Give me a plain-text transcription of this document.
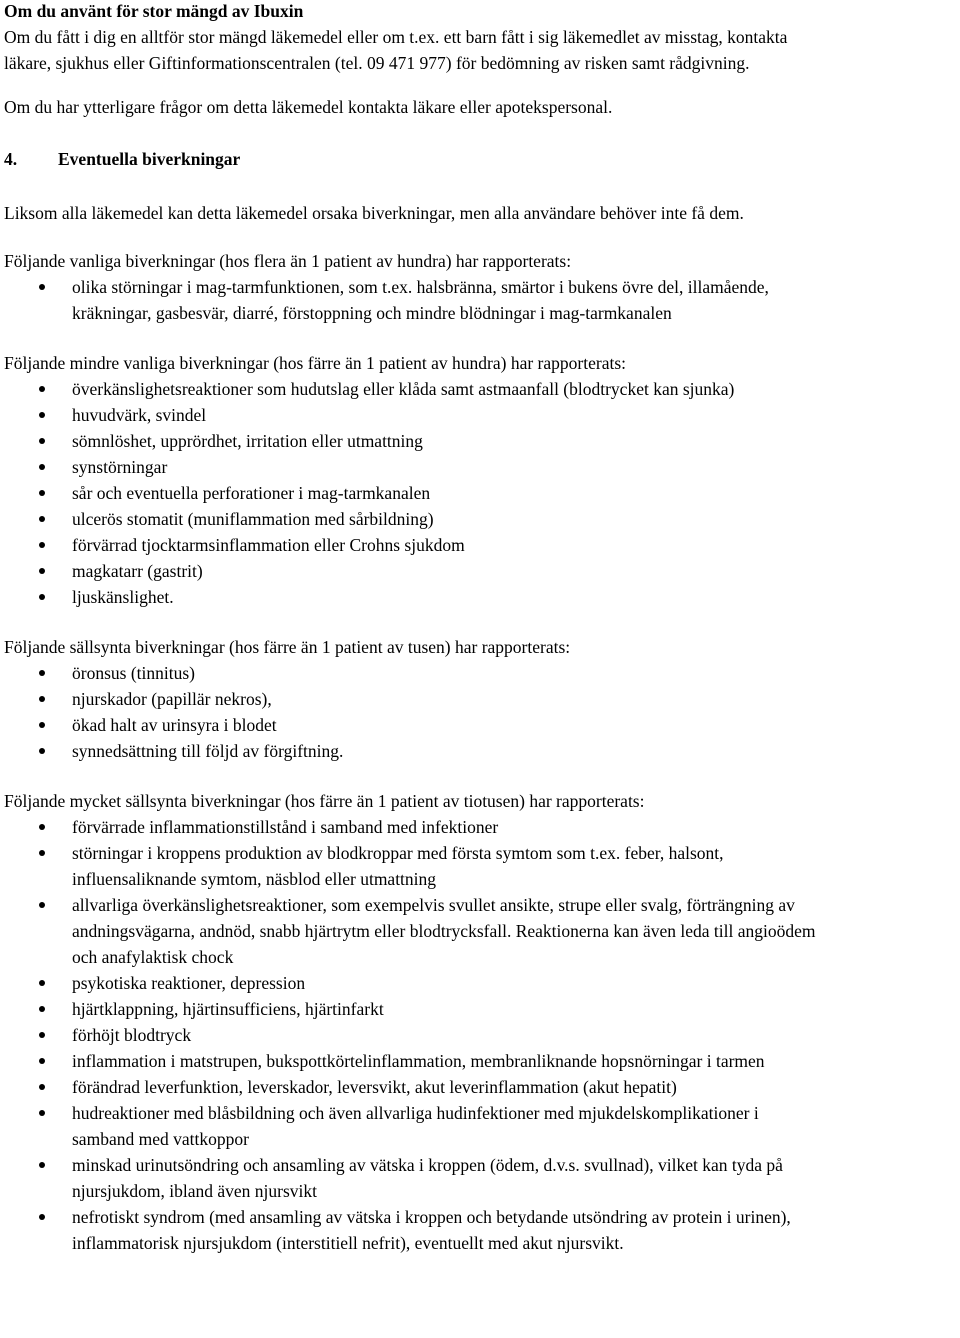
Om du använt för stor mängd av Ibuxin

Om du fått i dig en alltför stor mängd läkemedel eller om t.ex. ett barn fått i sig läkemedlet av misstag, kontakta

läkare, sjukhus eller Giftinformationscentralen (tel. 09 471 977) för bedömning av risken samt rådgivning.

Om du har ytterligare frågor om detta läkemedel kontakta läkare eller apotekspersonal.

4.	Eventuella biverkningar

Liksom alla läkemedel kan detta läkemedel orsaka biverkningar, men alla användare behöver inte få dem.

Följande vanliga biverkningar (hos flera än 1 patient av hundra) har rapporterats:

olika störningar i mag-tarmfunktionen, som t.ex. halsbränna, smärtor i bukens övre del, illamående,
kräkningar, gasbesvär, diarré, förstoppning och mindre blödningar i mag-tarmkanalen

Följande mindre vanliga biverkningar (hos färre än 1 patient av hundra) har rapporterats:

överkänslighetsreaktioner som hudutslag eller klåda samt astmaanfall (blodtrycket kan sjunka)
huvudvärk, svindel
sömnlöshet, upprördhet, irritation eller utmattning
synstörningar
sår och eventuella perforationer i mag-tarmkanalen
ulcerös stomatit (muniflammation med sårbildning)
förvärrad tjocktarmsinflammation eller Crohns sjukdom
magkatarr (gastrit)
ljuskänslighet.

Följande sällsynta biverkningar (hos färre än 1 patient av tusen) har rapporterats:

öronsus (tinnitus)
njurskador (papillär nekros),
ökad halt av urinsyra i blodet
synnedsättning till följd av förgiftning.

Följande mycket sällsynta biverkningar (hos färre än 1 patient av tiotusen) har rapporterats:

förvärrade inflammationstillstånd i samband med infektioner
störningar i kroppens produktion av blodkroppar med första symtom som t.ex. feber, halsont,
influensaliknande symtom, näsblod eller utmattning
allvarliga överkänslighetsreaktioner, som exempelvis svullet ansikte, strupe eller svalg, förträngning av
andningsvägarna, andnöd, snabb hjärtrytm eller blodtrycksfall. Reaktionerna kan även leda till angioödem
och anafylaktisk chock
psykotiska reaktioner, depression
hjärtklappning, hjärtinsufficiens, hjärtinfarkt
förhöjt blodtryck
inflammation i matstrupen, bukspottkörtelinflammation, membranliknande hopsnörningar i tarmen
förändrad leverfunktion, leverskador, leversvikt, akut leverinflammation (akut hepatit)
hudreaktioner med blåsbildning och även allvarliga hudinfektioner med mjukdelskomplikationer i
samband med vattkoppor
minskad urinutsöndring och ansamling av vätska i kroppen (ödem, d.v.s. svullnad), vilket kan tyda på
njursjukdom, ibland även njursvikt
nefrotiskt syndrom (med ansamling av vätska i kroppen och betydande utsöndring av protein i urinen),
inflammatorisk njursjukdom (interstitiell nefrit), eventuellt med akut njursvikt.
